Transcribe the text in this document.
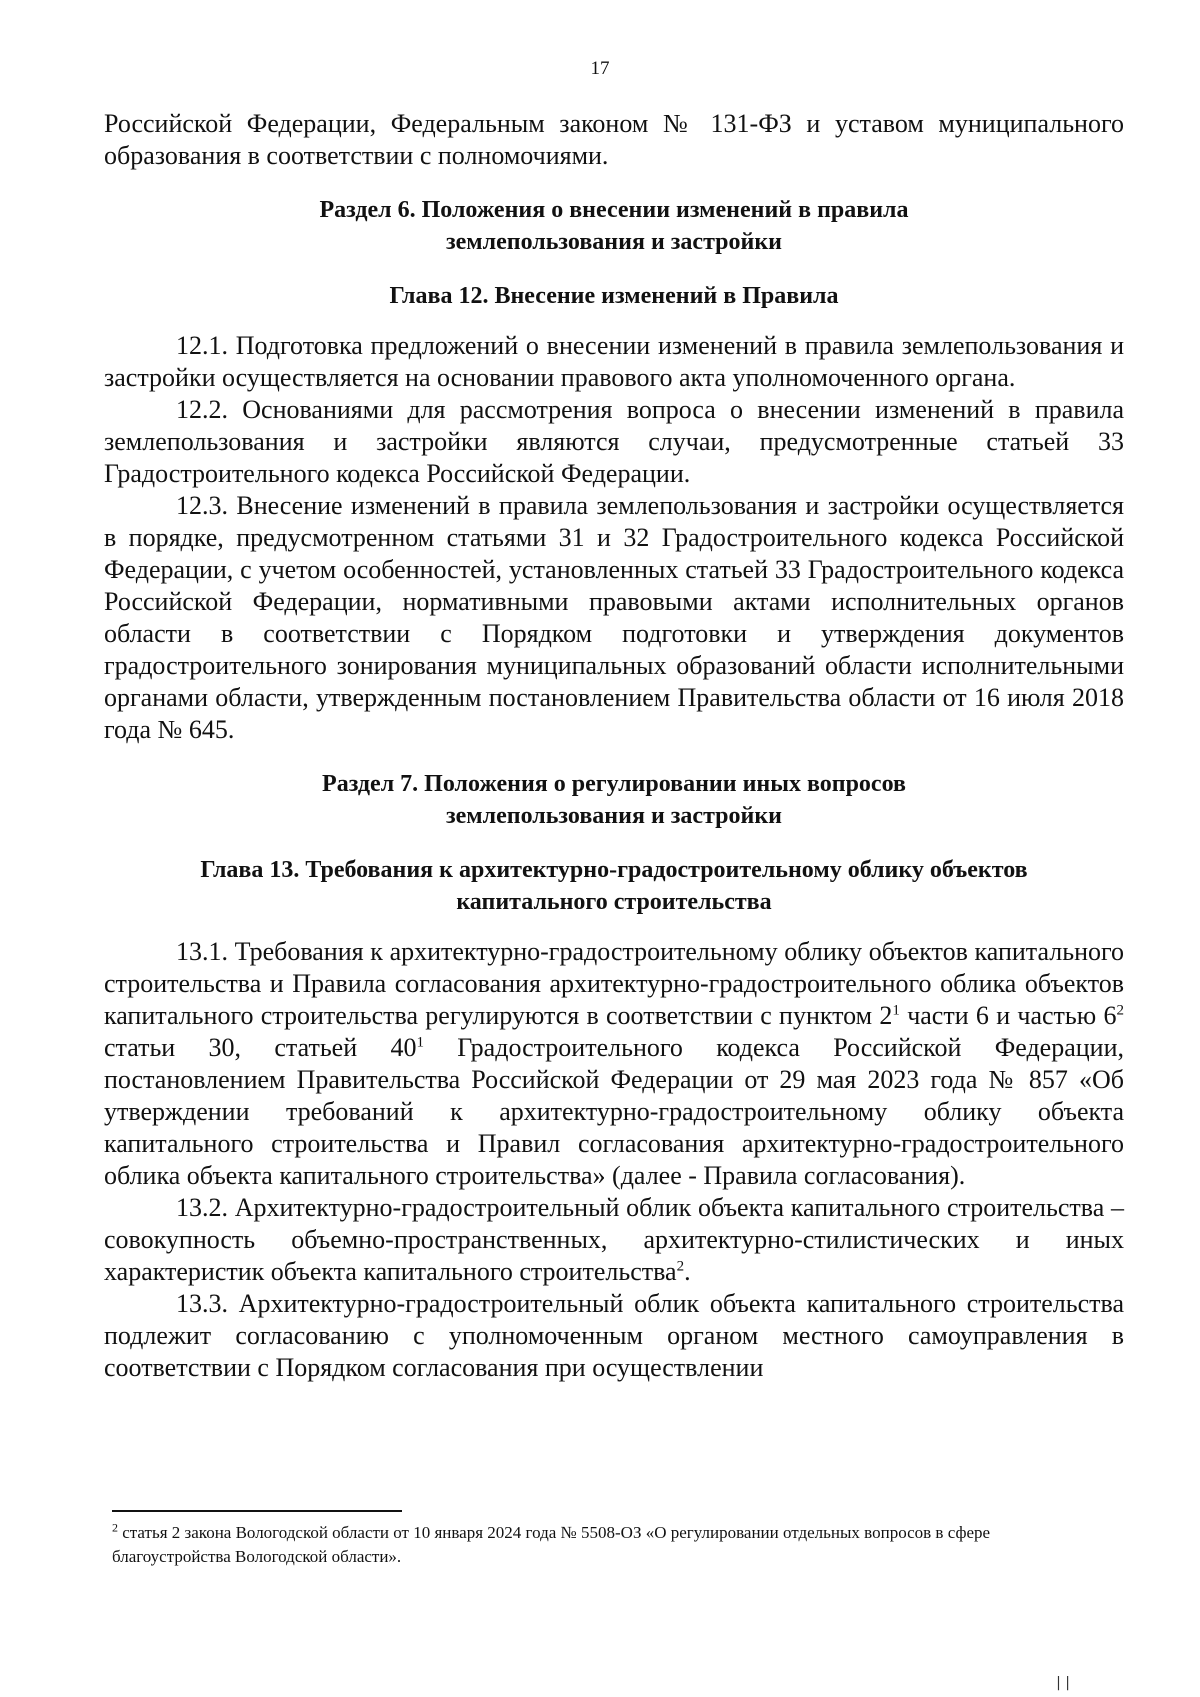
17

Российской Федерации, Федеральным законом № 131-ФЗ и уставом муниципального образования в соответствии с полномочиями.

Раздел 6. Положения о внесении изменений в правила
землепользования и застройки
Глава 12. Внесение изменений в Правила

12.1. Подготовка предложений о внесении изменений в правила землепользования и застройки осуществляется на основании правового акта уполномоченного органа.

12.2. Основаниями для рассмотрения вопроса о внесении изменений в правила землепользования и застройки являются случаи, предусмотренные статьей 33 Градостроительного кодекса Российской Федерации.

12.3. Внесение изменений в правила землепользования и застройки осуществляется в порядке, предусмотренном статьями 31 и 32 Градостроительного кодекса Российской Федерации, с учетом особенностей, установленных статьей 33 Градостроительного кодекса Российской Федерации, нормативными правовыми актами исполнительных органов области в соответствии с Порядком подготовки и утверждения документов градостроительного зонирования муниципальных образований области исполнительными органами области, утвержденным постановлением Правительства области от 16 июля 2018 года № 645.

Раздел 7. Положения о регулировании иных вопросов
землепользования и застройки
Глава 13. Требования к архитектурно-градостроительному облику объектов
капитального строительства

13.1. Требования к архитектурно-градостроительному облику объектов капитального строительства и Правила согласования архитектурно-градостроительного облика объектов капитального строительства регулируются в соответствии с пунктом $2^1$ части 6 и частью $6^2$ статьи 30, статьей $40^1$ Градостроительного кодекса Российской Федерации, постановлением Правительства Российской Федерации от 29 мая 2023 года № 857 «Об утверждении требований к архитектурно-градостроительному облику объекта капитального строительства и Правил согласования архитектурно-градостроительного облика объекта капитального строительства» (далее - Правила согласования).

13.2. Архитектурно-градостроительный облик объекта капитального строительства – совокупность объемно-пространственных, архитектурно-стилистических и иных характеристик объекта капитального строительства$^2$.

13.3. Архитектурно-градостроительный облик объекта капитального строительства подлежит согласованию с уполномоченным органом местного самоуправления в соответствии с Порядком согласования при осуществлении

$^2$ статья 2 закона Вологодской области от 10 января 2024 года № 5508-ОЗ «О регулировании отдельных вопросов в сфере благоустройства Вологодской области».
| |
